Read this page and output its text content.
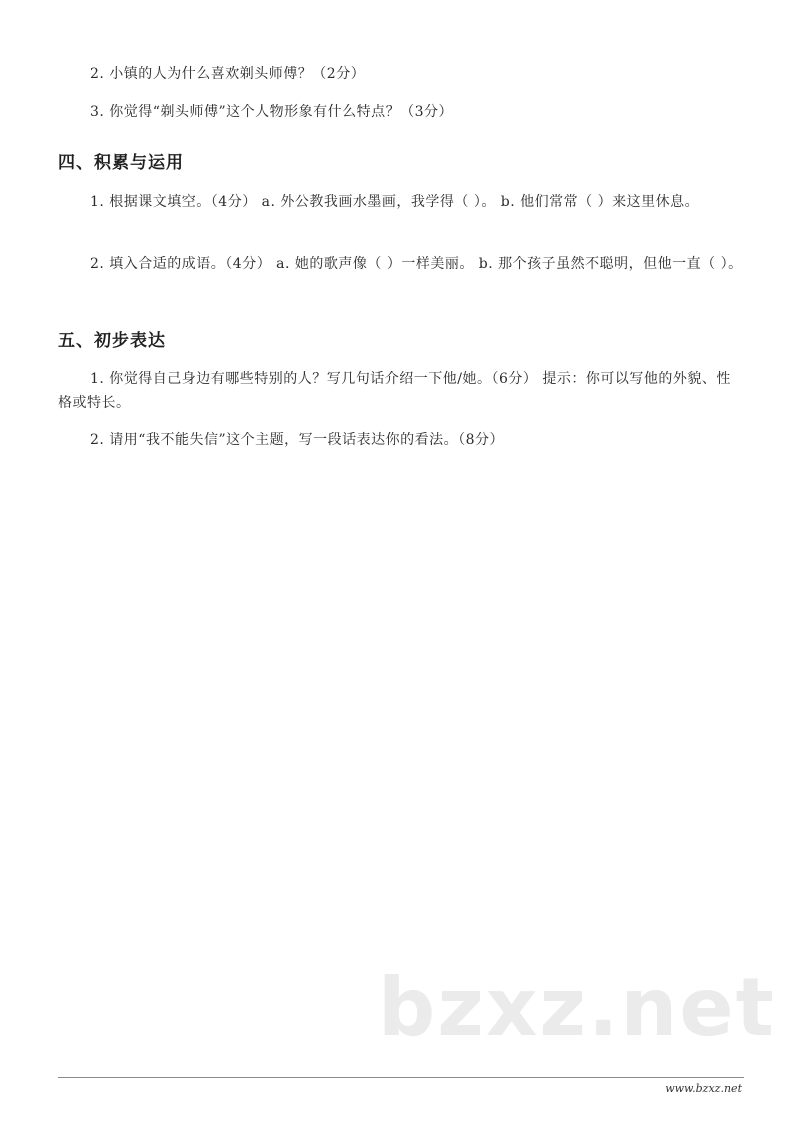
2. 小镇的人为什么喜欢剃头师傅？（2分）

3. 你觉得“剃头师傅”这个人物形象有什么特点？（3分）

四、积累与运用

1. 根据课文填空。（4分） a. 外公教我画水墨画，我学得（ ）。 b. 他们常常（ ）来这里休息。

2. 填入合适的成语。（4分） a. 她的歌声像（ ）一样美丽。 b. 那个孩子虽然不聪明，但他一直（ ）。

五、初步表达

1. 你觉得自己身边有哪些特别的人？写几句话介绍一下他/她。（6分） 提示：你可以写他的外貌、性格或特长。

2. 请用“我不能失信”这个主题，写一段话表达你的看法。（8分）

bzxz.net
www.bzxz.net
